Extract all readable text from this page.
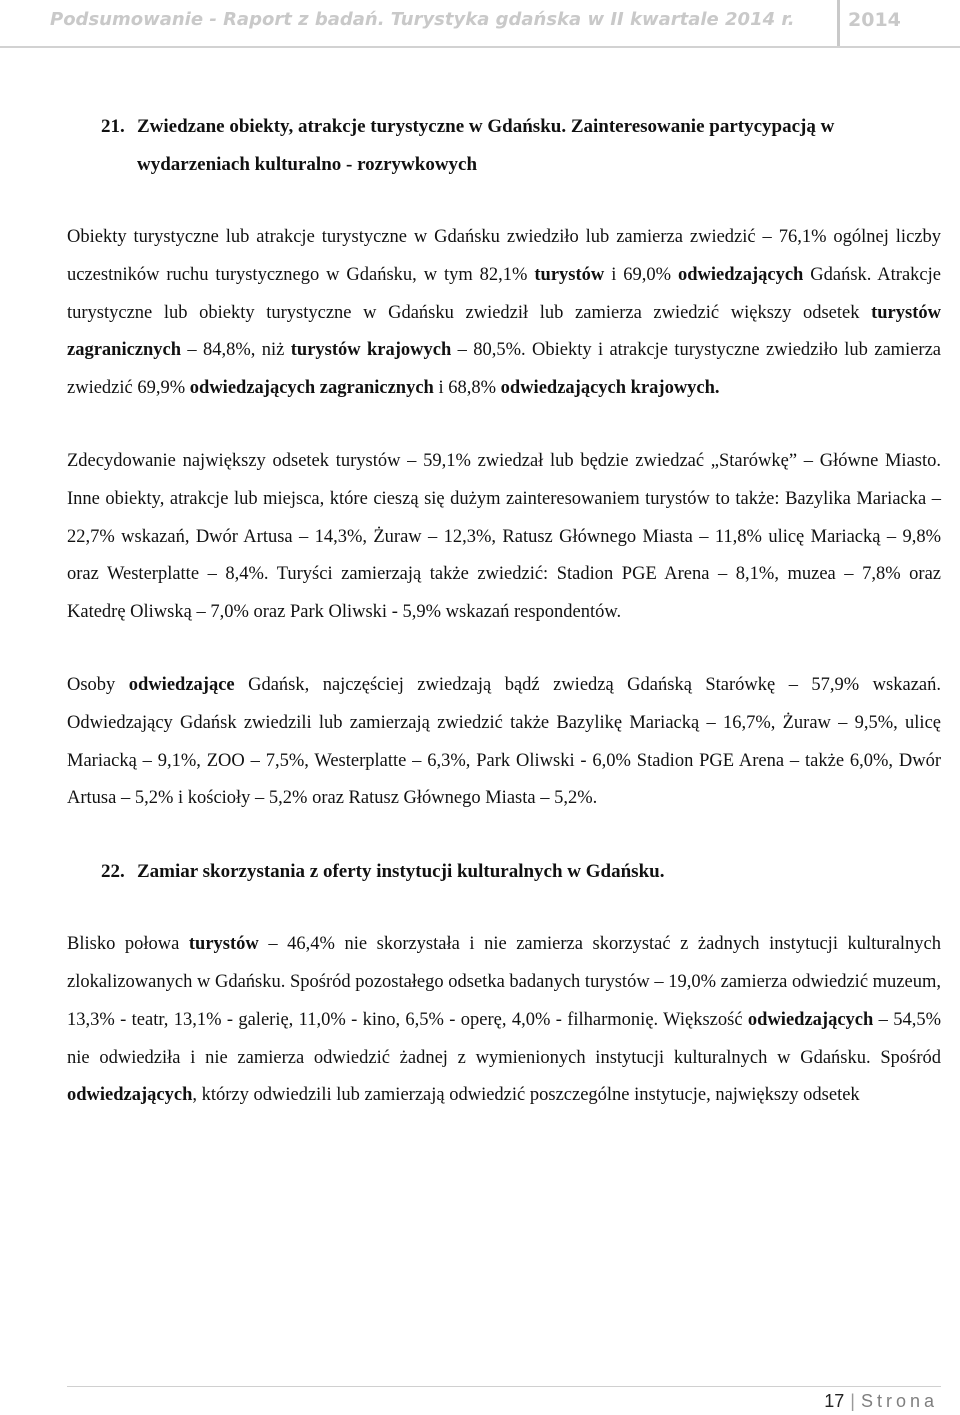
Podsumowanie - Raport z badań. Turystyka gdańska w II kwartale 2014 r.	2014
21. Zwiedzane obiekty, atrakcje turystyczne w Gdańsku. Zainteresowanie partycypacją w wydarzeniach kulturalno - rozrywkowych

Obiekty turystyczne lub atrakcje turystyczne w Gdańsku zwiedziło lub zamierza zwiedzić – 76,1% ogólnej liczby uczestników ruchu turystycznego w Gdańsku, w tym 82,1% turystów i 69,0% odwiedzających Gdańsk. Atrakcje turystyczne lub obiekty turystyczne w Gdańsku zwiedził lub zamierza zwiedzić większy odsetek turystów zagranicznych – 84,8%, niż turystów krajowych – 80,5%. Obiekty i atrakcje turystyczne zwiedziło lub zamierza zwiedzić 69,9% odwiedzających zagranicznych i 68,8% odwiedzających krajowych.

Zdecydowanie największy odsetek turystów – 59,1% zwiedzał lub będzie zwiedzać „Starówkę” – Główne Miasto. Inne obiekty, atrakcje lub miejsca, które cieszą się dużym zainteresowaniem turystów to także: Bazylika Mariacka – 22,7% wskazań, Dwór Artusa – 14,3%, Żuraw – 12,3%, Ratusz Głównego Miasta – 11,8% ulicę Mariacką – 9,8% oraz Westerplatte – 8,4%. Turyści zamierzają także zwiedzić: Stadion PGE Arena – 8,1%, muzea – 7,8% oraz Katedrę Oliwską – 7,0% oraz Park Oliwski - 5,9% wskazań respondentów.

Osoby odwiedzające Gdańsk, najczęściej zwiedzają bądź zwiedzą Gdańską Starówkę – 57,9% wskazań. Odwiedzający Gdańsk zwiedzili lub zamierzają zwiedzić także Bazylikę Mariacką – 16,7%, Żuraw – 9,5%, ulicę Mariacką – 9,1%, ZOO – 7,5%, Westerplatte – 6,3%, Park Oliwski - 6,0% Stadion PGE Arena – także 6,0%, Dwór Artusa – 5,2% i kościoły – 5,2% oraz Ratusz Głównego Miasta – 5,2%.

22. Zamiar skorzystania z oferty instytucji kulturalnych w Gdańsku.

Blisko połowa turystów – 46,4% nie skorzystała i nie zamierza skorzystać z żadnych instytucji kulturalnych zlokalizowanych w Gdańsku. Spośród pozostałego odsetka badanych turystów – 19,0% zamierza odwiedzić muzeum, 13,3% - teatr, 13,1% - galerię, 11,0% - kino, 6,5% - operę, 4,0% - filharmonię. Większość odwiedzających – 54,5% nie odwiedziła i nie zamierza odwiedzić żadnej z wymienionych instytucji kulturalnych w Gdańsku. Spośród odwiedzających, którzy odwiedzili lub zamierzają odwiedzić poszczególne instytucje, największy odsetek

17 | Strona
